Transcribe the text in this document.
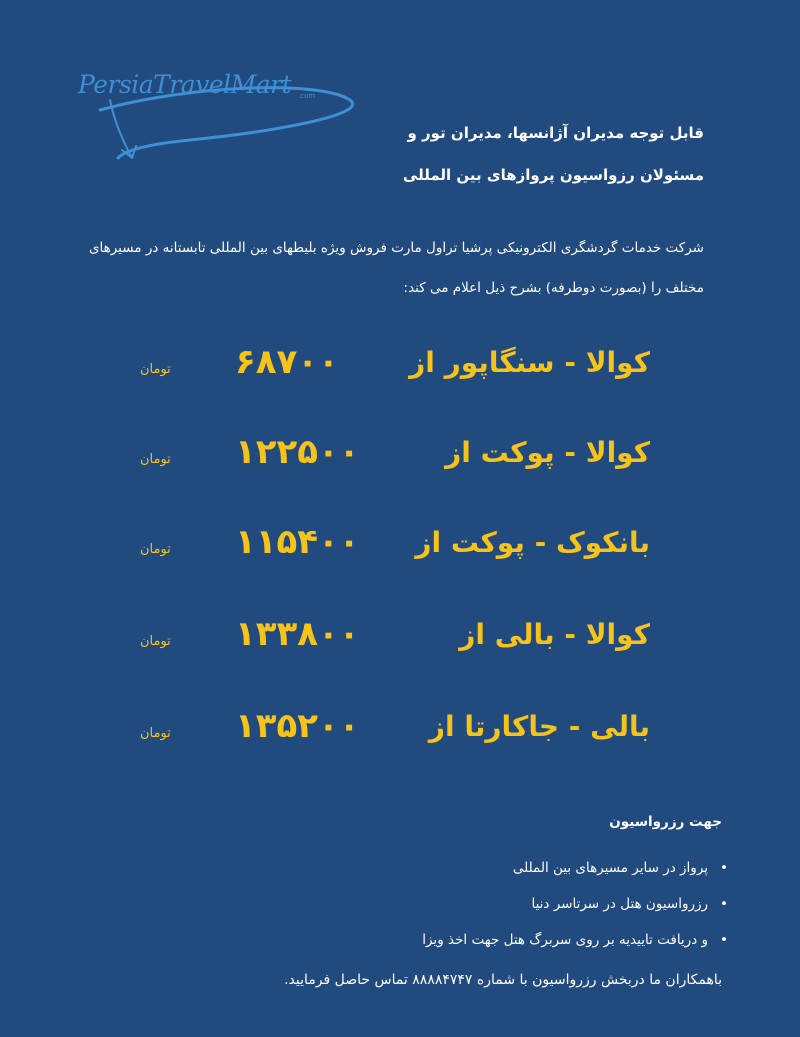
PersiaTravelMart .com
قابل توجه مدیران آژانسها، مدیران تور و
مسئولان رزواسیون پروازهای بین المللی
شرکت خدمات گردشگری الکترونیکی پرشیا تراول مارت فروش ویژه بلیطهای بین المللی تابستانه در مسیرهای مختلف را (بصورت دوطرفه) بشرح ذیل اعلام می کند:
کوالا - سنگاپور از
۶۸۷۰۰
تومان
کوالا - پوکت از
۱۲۲۵۰۰
تومان
بانکوک - پوکت از
۱۱۵۴۰۰
تومان
کوالا - بالی از
۱۳۳۸۰۰
تومان
بالی - جاکارتا از
۱۳۵۲۰۰
تومان
جهت رزرواسیون
•پرواز در سایر مسیرهای بین المللی
•رزرواسیون هتل در سرتاسر دنیا
•و دریافت تاییدیه بر روی سربرگ هتل جهت اخذ ویزا
باهمکاران ما دربخش رزرواسیون با شماره ۸۸۸۸۴۷۴۷ تماس حاصل فرمایید.
